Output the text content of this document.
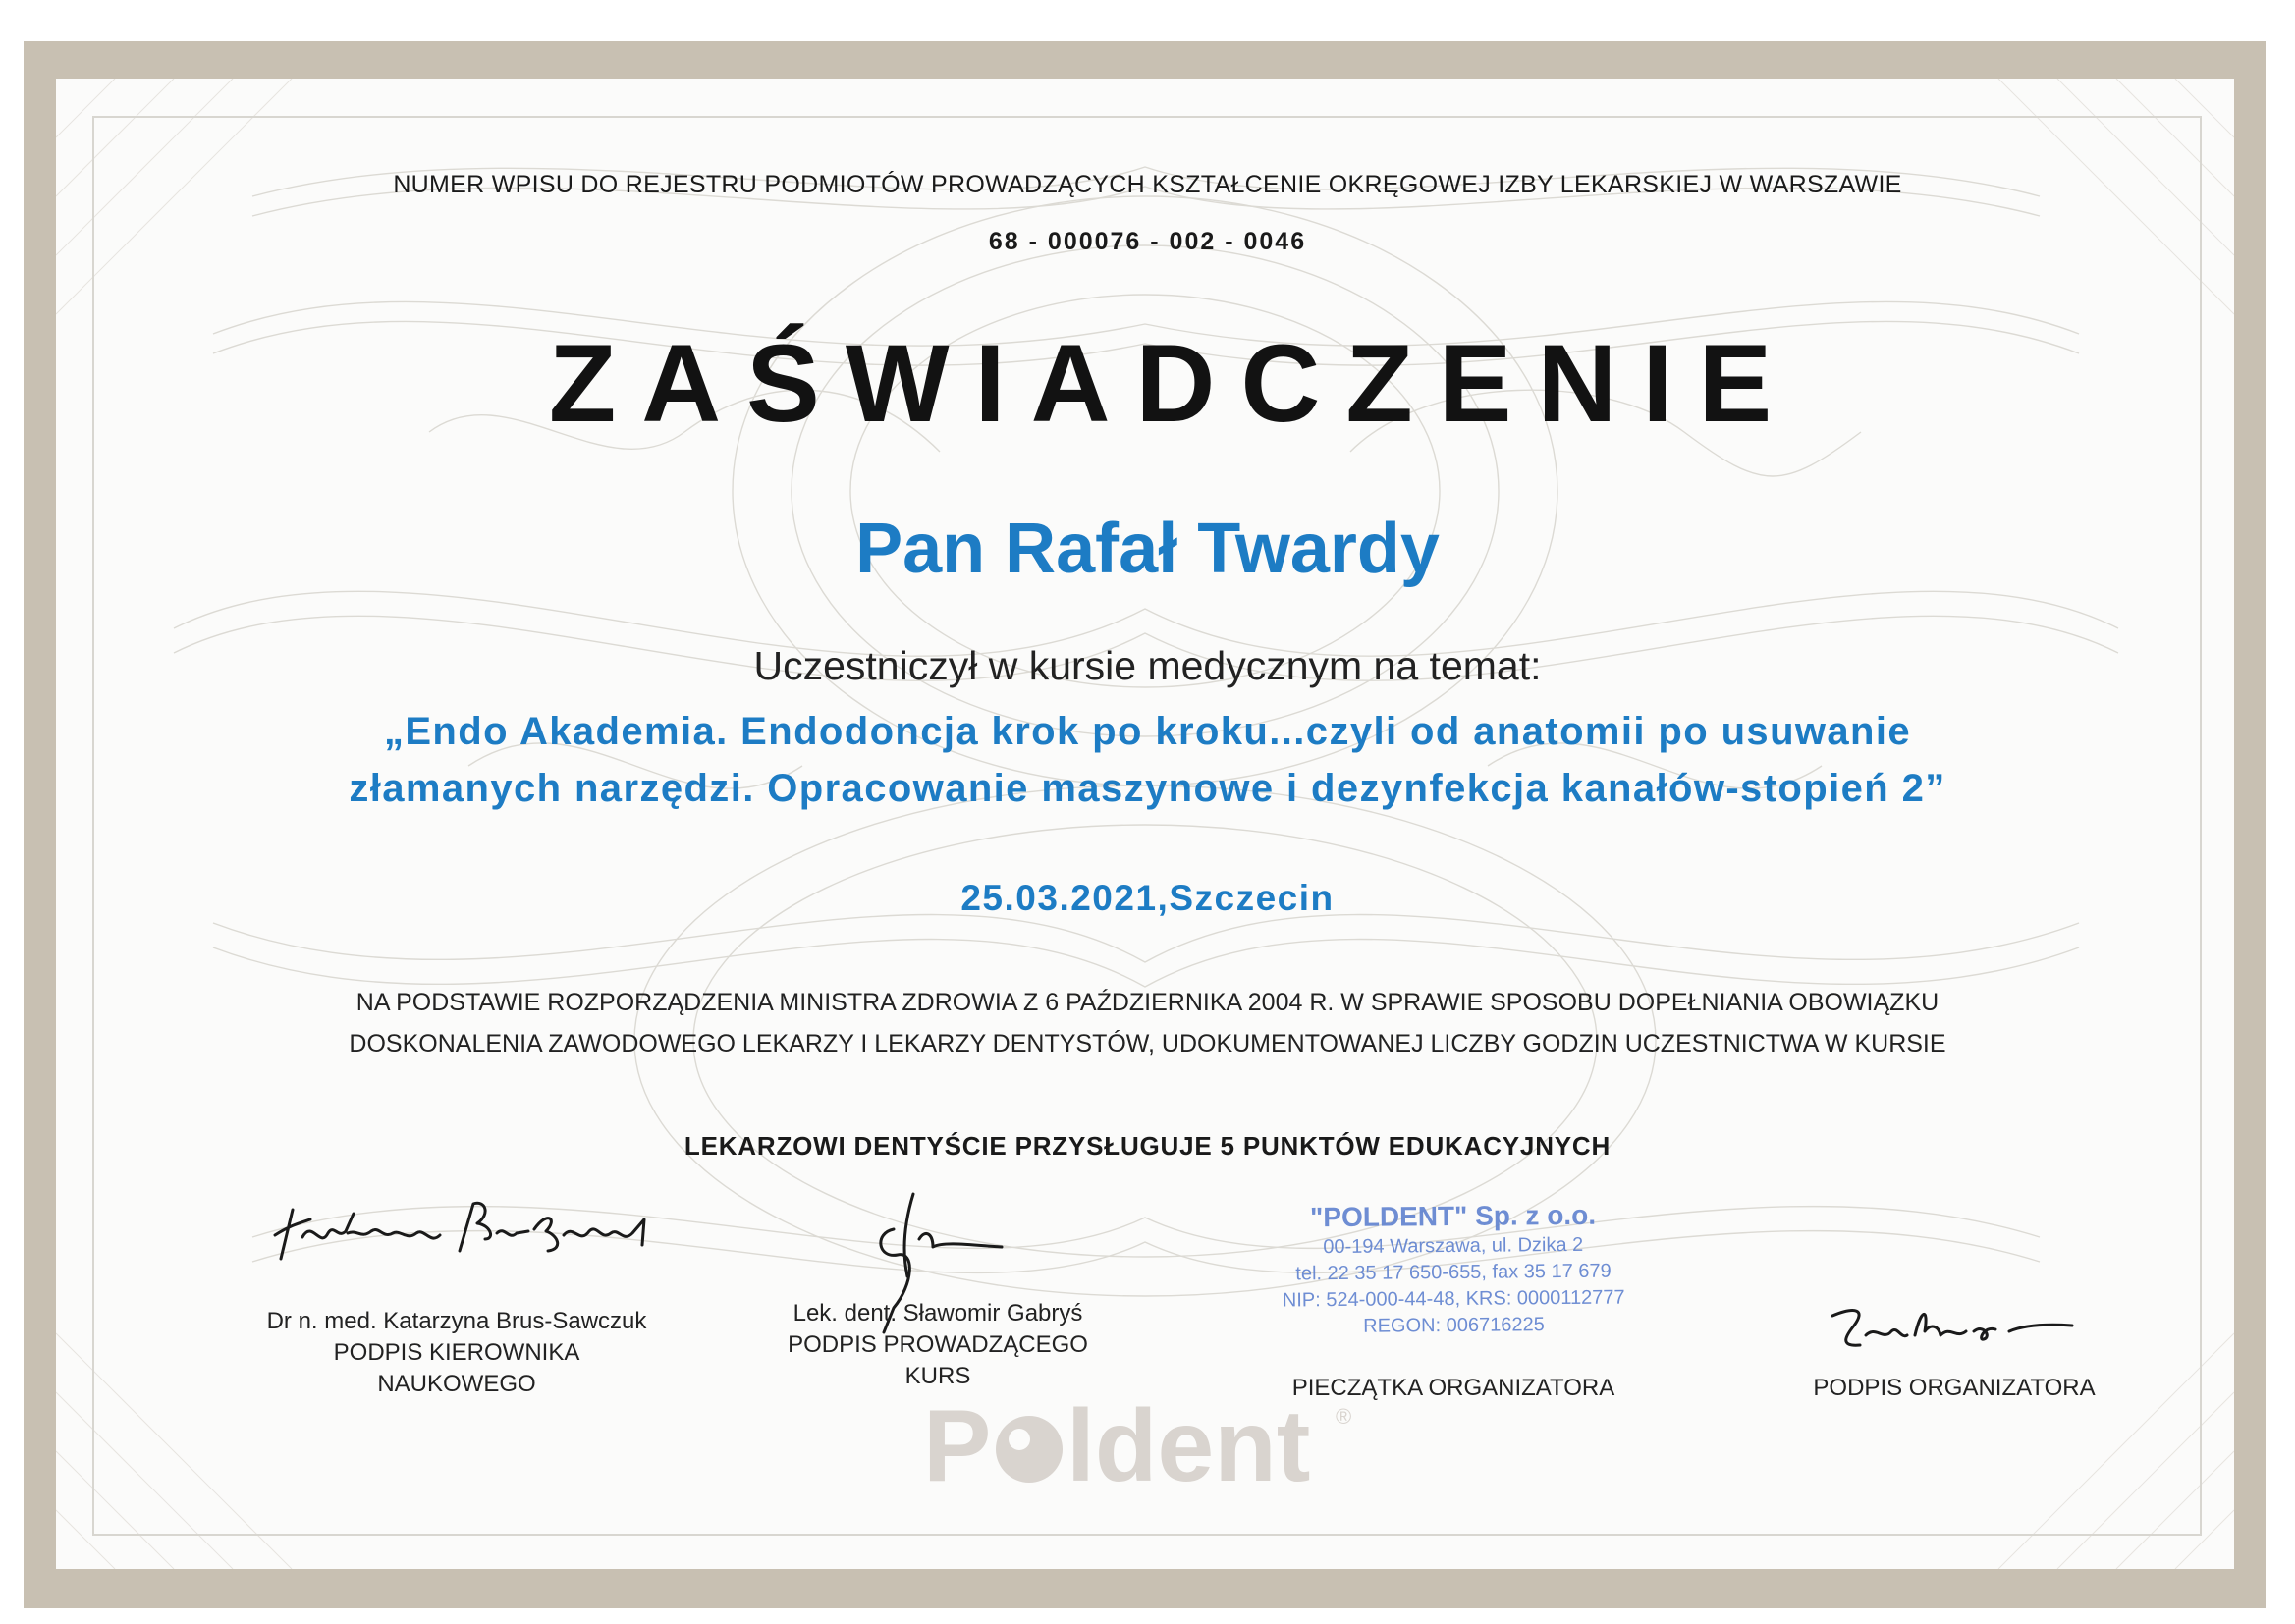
NUMER WPISU DO REJESTRU PODMIOTÓW PROWADZĄCYCH KSZTAŁCENIE OKRĘGOWEJ IZBY LEKARSKIEJ W WARSZAWIE
68 - 000076 - 002 - 0046
ZAŚWIADCZENIE
Pan Rafał Twardy
Uczestniczył w kursie medycznym na temat:
„Endo Akademia. Endodoncja krok po kroku...czyli od anatomii po usuwanie
złamanych narzędzi. Opracowanie maszynowe i dezynfekcja kanałów-stopień 2”
25.03.2021,Szczecin
NA PODSTAWIE ROZPORZĄDZENIA MINISTRA ZDROWIA Z 6 PAŹDZIERNIKA 2004 R. W SPRAWIE SPOSOBU DOPEŁNIANIA OBOWIĄZKU
DOSKONALENIA ZAWODOWEGO LEKARZY I LEKARZY DENTYSTÓW, UDOKUMENTOWANEJ LICZBY GODZIN UCZESTNICTWA W KURSIE
LEKARZOWI DENTYŚCIE PRZYSŁUGUJE 5 PUNKTÓW EDUKACYJNYCH
Dr n. med. Katarzyna Brus-Sawczuk
PODPIS KIEROWNIKA
NAUKOWEGO
Lek. dent. Sławomir Gabryś
PODPIS PROWADZĄCEGO
KURS
"POLDENT" Sp. z o.o.
00-194 Warszawa, ul. Dzika 2
tel. 22 35 17 650-655, fax 35 17 679
NIP: 524-000-44-48, KRS: 0000112777
REGON: 006716225
PIECZĄTKA ORGANIZATORA	PODPIS ORGANIZATORA
P ldent ®
